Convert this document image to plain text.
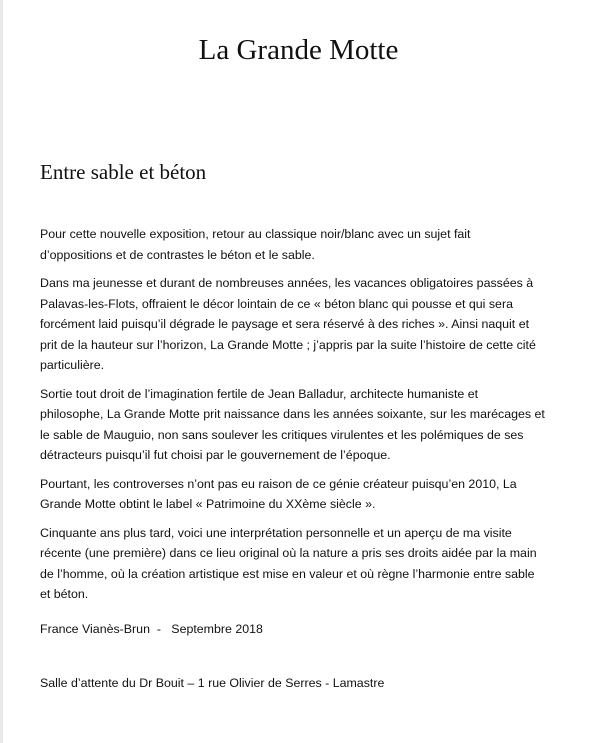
La Grande Motte
Entre sable et béton

Pour cette nouvelle exposition, retour au classique noir/blanc avec un sujet fait
d’oppositions et de contrastes le béton et le sable.

Dans ma jeunesse et durant de nombreuses années, les vacances obligatoires passées à
Palavas-les-Flots, offraient le décor lointain de ce « béton blanc qui pousse et qui sera
forcément laid puisqu’il dégrade le paysage et sera réservé à des riches ». Ainsi naquit et
prit de la hauteur sur l’horizon, La Grande Motte ; j’appris par la suite l’histoire de cette cité
particulière.

Sortie tout droit de l’imagination fertile de Jean Balladur, architecte humaniste et
philosophe, La Grande Motte prit naissance dans les années soixante, sur les marécages et
le sable de Mauguio, non sans soulever les critiques virulentes et les polémiques de ses
détracteurs puisqu’il fut choisi par le gouvernement de l’époque.

Pourtant, les controverses n’ont pas eu raison de ce génie créateur puisqu’en 2010, La
Grande Motte obtint le label « Patrimoine du XXème siècle ».

Cinquante ans plus tard, voici une interprétation personnelle et un aperçu de ma visite
récente (une première) dans ce lieu original où la nature a pris ses droits aidée par la main
de l’homme, où la création artistique est mise en valeur et où règne l’harmonie entre sable
et béton.

France Vianès-Brun  -   Septembre 2018
Salle d’attente du Dr Bouit – 1 rue Olivier de Serres - Lamastre
